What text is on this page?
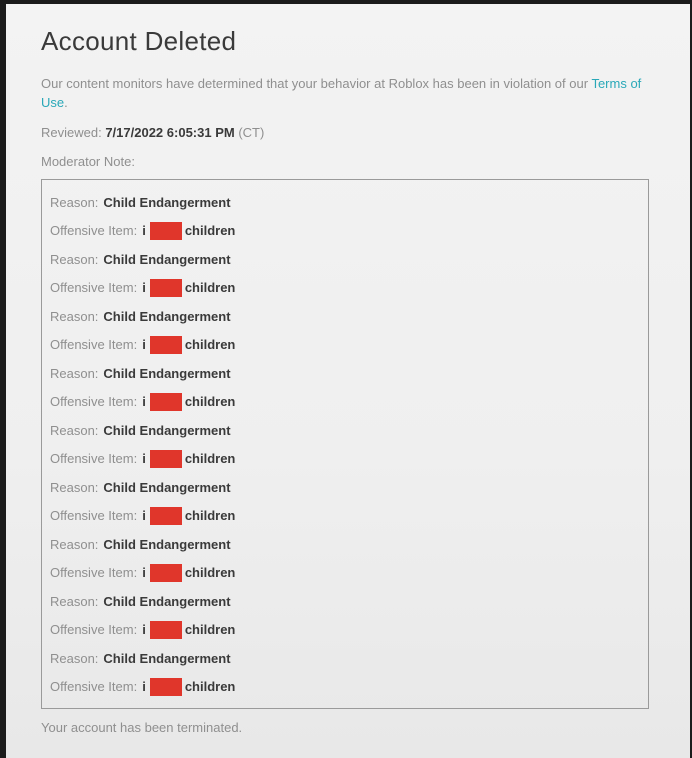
Account Deleted
Our content monitors have determined that your behavior at Roblox has been in violation of our Terms of Use.
Reviewed: 7/17/2022 6:05:31 PM (CT)
Moderator Note:
Reason: Child Endangerment
Offensive Item: i	children
Reason: Child Endangerment
Offensive Item: i	children
Reason: Child Endangerment
Offensive Item: i	children
Reason: Child Endangerment
Offensive Item: i	children
Reason: Child Endangerment
Offensive Item: i	children
Reason: Child Endangerment
Offensive Item: i	children
Reason: Child Endangerment
Offensive Item: i	children
Reason: Child Endangerment
Offensive Item: i	children
Reason: Child Endangerment
Offensive Item: i	children
Your account has been terminated.
